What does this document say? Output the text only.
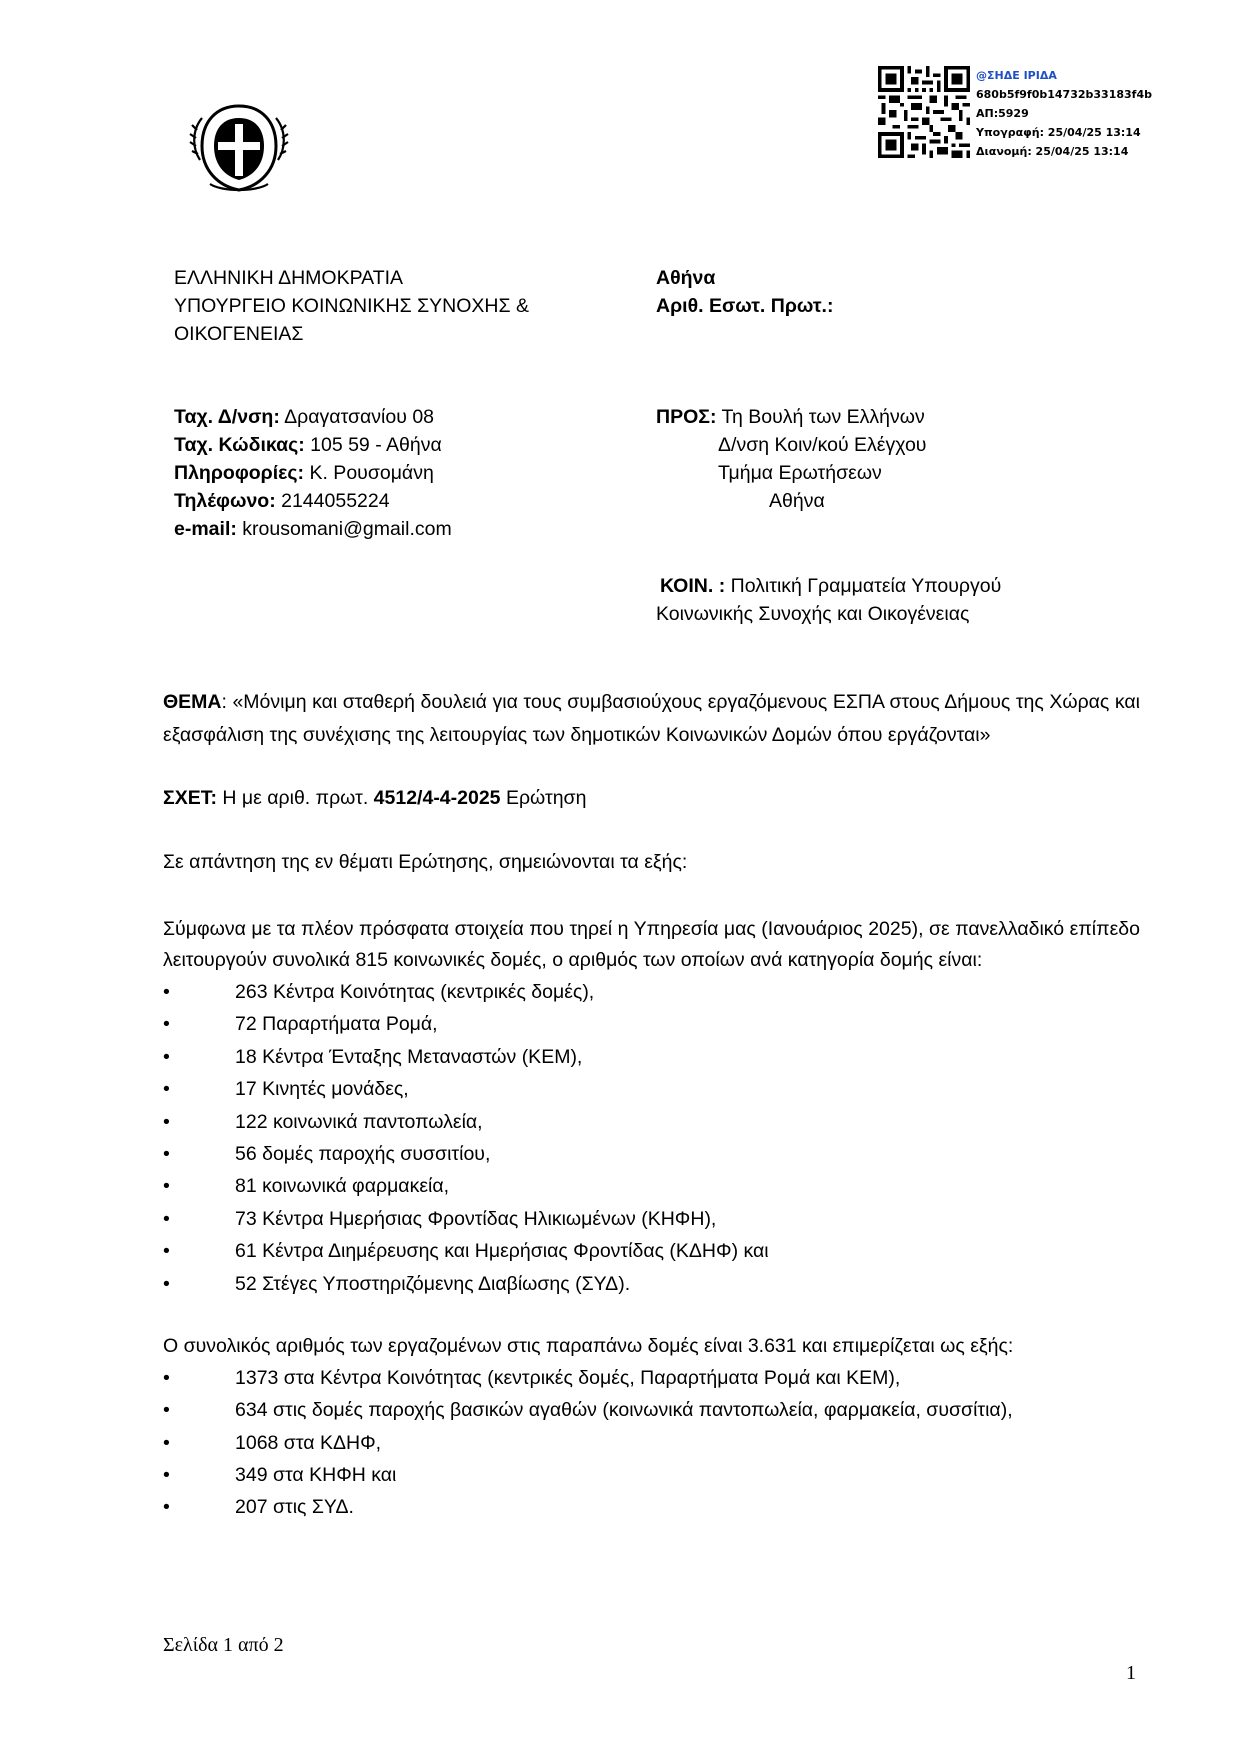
@ΣΗΔΕ ΙΡΙΔΑ
680b5f9f0b14732b33183f4b
ΑΠ:5929
Υπογραφή: 25/04/25 13:14
Διανομή: 25/04/25 13:14
ΕΛΛΗΝΙΚΗ ΔΗΜΟΚΡΑΤΙΑ
ΥΠΟΥΡΓΕΙΟ ΚΟΙΝΩΝΙΚΗΣ ΣΥΝΟΧΗΣ &
ΟΙΚΟΓΕΝΕΙΑΣ
Αθήνα
Αριθ. Εσωτ. Πρωτ.:
Ταχ. Δ/νση: Δραγατσανίου 08
Ταχ. Κώδικας: 105 59 - Αθήνα
Πληροφορίες: Κ. Ρουσομάνη
Τηλέφωνο: 2144055224
e-mail: krousomani@gmail.com
ΠΡΟΣ: Τη Βουλή των Ελλήνων
Δ/νση Κοιν/κού Ελέγχου
Τμήμα Ερωτήσεων
Αθήνα
ΚΟΙΝ. : Πολιτική Γραμματεία Υπουργού
Κοινωνικής Συνοχής και Οικογένειας

ΘΕΜΑ: «Μόνιμη και σταθερή δουλειά για τους συμβασιούχους εργαζόμενους ΕΣΠΑ στους Δήμους της Χώρας και εξασφάλιση της συνέχισης της λειτουργίας των δημοτικών Κοινωνικών Δομών όπου εργάζονται»

ΣΧΕΤ: Η με αριθ. πρωτ. 4512/4-4-2025 Ερώτηση

Σε απάντηση της εν θέματι Ερώτησης, σημειώνονται τα εξής:

Σύμφωνα με τα πλέον πρόσφατα στοιχεία που τηρεί η Υπηρεσία μας (Ιανουάριος 2025), σε πανελλαδικό επίπεδο λειτουργούν συνολικά 815 κοινωνικές δομές, ο αριθμός των οποίων ανά κατηγορία δομής είναι:

•	263 Κέντρα Κοινότητας (κεντρικές δομές),
•	72 Παραρτήματα Ρομά,
•	18 Κέντρα Ένταξης Μεταναστών (ΚΕΜ),
•	17 Κινητές μονάδες,
•	122 κοινωνικά παντοπωλεία,
•	56 δομές παροχής συσσιτίου,
•	81 κοινωνικά φαρμακεία,
•	73 Κέντρα Ημερήσιας Φροντίδας Ηλικιωμένων (ΚΗΦΗ),
•	61 Κέντρα Διημέρευσης και Ημερήσιας Φροντίδας (ΚΔΗΦ) και
•	52 Στέγες Υποστηριζόμενης Διαβίωσης (ΣΥΔ).

Ο συνολικός αριθμός των εργαζομένων στις παραπάνω δομές είναι 3.631 και επιμερίζεται ως εξής:

•	1373 στα Κέντρα Κοινότητας (κεντρικές δομές, Παραρτήματα Ρομά και ΚΕΜ),
•	634 στις δομές παροχής βασικών αγαθών (κοινωνικά παντοπωλεία, φαρμακεία, συσσίτια),
•	1068 στα ΚΔΗΦ,
•	349 στα ΚΗΦΗ και
•	207 στις ΣΥΔ.
Σελίδα 1 από 2
1
